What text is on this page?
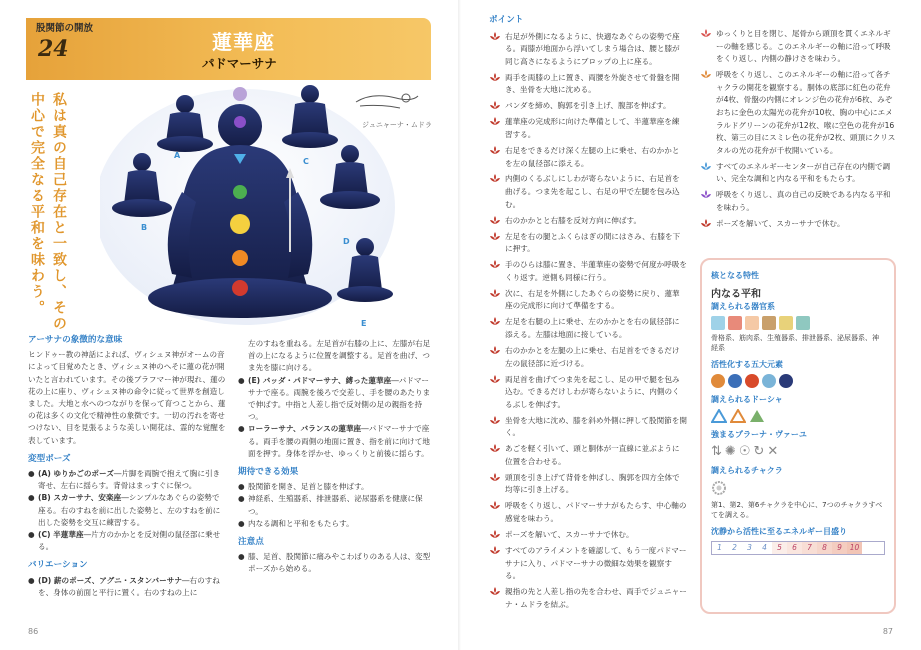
股関節の開放
24	蓮華座
パドマーサナ
私は真の自己存在と一致し、その中心で完全なる平和を味わう。	ジュニャーナ・ムドラ
A
B
C
D
E
アーサナの象徴的な意味
ヒンドゥー教の神話によれば、ヴィシュヌ神がオームの音によって目覚めたとき、ヴィシュヌ神のへそに蓮の花が開いたと言われています。その後ブラフマー神が現れ、蓮の花の上に座り、ヴィシュヌ神の命令に従って世界を創造しました。大地と水へのつながりを保って育つことから、蓮の花は多くの文化で精神性の象徴です。一切の汚れを寄せつけない、目を見張るような美しい開花は、霊的な覚醒を表しています。
変型ポーズ
● (A) ゆりかごのポーズ―片脚を両腕で抱えて胸に引き寄せ、左右に揺らす。背骨はまっすぐに保つ。
● (B) スカーサナ、安楽座―シンプルなあぐらの姿勢で座る。右のすねを前に出した姿勢と、左のすねを前に出した姿勢を交互に練習する。
● (C) 半蓮華座―片方のかかとを反対側の鼠径部に乗せる。
バリエーション
● (D) 薪のポーズ、アグニ・スタンバーサナ―右のすねを、身体の前面と平行に置く。右のすねの上に
左のすねを重ねる。左足首が右膝の上に、左膝が右足首の上になるように位置を調整する。足首を曲げ、つま先を膝に向ける。
● (E) バッダ・パドマーサナ、縛った蓮華座―パドマーサナで座る。両腕を後ろで交差し、手を腰のあたりまで伸ばす。中指と人差し指で反対側の足の親指を持つ。
● ローラーサナ、バランスの蓮華座―パドマーサナで座る。両手を腰の両側の地面に置き、指を前に向けて地面を押す。身体を浮かせ、ゆっくりと前後に揺らす。
期待できる効果
● 股関節を開き、足首と膝を伸ばす。
● 神経系、生殖器系、排泄器系、泌尿器系を健康に保つ。
● 内なる調和と平和をもたらす。
注意点
● 膝、足首、股関節に痛みやこわばりのある人は、変型ポーズから始める。
86
ポイント
右足が外側になるように、快適なあぐらの姿勢で座る。両膝が地面から浮いてしまう場合は、腰と膝が同じ高さになるようにブロップの上に座る。
両手を両膝の上に置き、両腰を外旋させて骨盤を開き、坐骨を大地に沈める。
バンダを締め、胸郭を引き上げ、腹部を伸ばす。
蓮華座の完成形に向けた準備として、半蓮華座を練習する。
右足をできるだけ深く左腿の上に乗せ、右のかかとを左の鼠径部に添える。
内側のくるぶしにしわが寄らないように、右足首を曲げる。つま先を起こし、右足の甲で左腿を包み込む。
右のかかとと右膝を反対方向に伸ばす。
左足を右の腿とふくらはぎの間にはさみ、右膝を下に押す。
手のひらは膝に置き、半蓮華座の姿勢で何度か呼吸をくり返す。逆側も同様に行う。
次に、右足を外側にしたあぐらの姿勢に戻り、蓮華座の完成形に向けて準備をする。
左足を右腿の上に乗せ、左のかかとを右の鼠径部に添える。左膝は地面に接している。
右のかかとを左腿の上に乗せ、右足首をできるだけ左の鼠径部に近づける。
両足首を曲げてつま先を起こし、足の甲で腿を包み込む。できるだけしわが寄らないように、内側のくるぶしを伸ばす。
坐骨を大地に沈め、膝を斜め外側に押して股関節を開く。
あごを軽く引いて、頭と胴体が一直線に並ぶように位置を合わせる。
頭頂を引き上げて背骨を伸ばし、胸郭を四方全体で均等に引き上げる。
呼吸をくり返し、パドマーサナがもたらす、中心軸の感覚を味わう。
ポーズを解いて、スカーサナで休む。
すべてのアライメントを確認して、もう一度パドマーサナに入り、パドマーサナの微細な効果を観察する。
親指の先と人差し指の先を合わせ、両手でジュニャーナ・ムドラを結ぶ。
ゆっくりと目を閉じ、尾骨から頭頂を貫くエネルギーの軸を感じる。このエネルギーの軸に沿って呼吸をくり返し、内側の静けさを味わう。
呼吸をくり返し、このエネルギーの軸に沿って各チャクラの開花を観察する。胴体の底部に紅色の花弁が4枚、骨盤の内側にオレンジ色の花弁が6枚、みぞおちに金色の太陽光の花弁が10枚、胸の中心にエメラルドグリーンの花弁が12枚、喉に空色の花弁が16枚、第三の目にスミレ色の花弁が2枚、頭頂にクリスタルの光の花弁が千枚開いている。
すべてのエネルギーセンターが自己存在の内側で調い、完全な調和と内なる平和をもたらす。
呼吸をくり返し、真の自己の反映である内なる平和を味わう。
ポーズを解いて、スカーサナで休む。
核となる特性
内なる平和
調えられる器官系
骨格系、筋肉系、生殖器系、排泄器系、泌尿器系、神経系
活性化する五大元素
調えられるドーシャ
強まるプラーナ・ヴァーユ
⇅ ✺ ☉ ↻ ✕
調えられるチャクラ
第1、第2、第6チャクラを中心に、7つのチャクラすべてを調える。
沈静から活性に至るエネルギー目盛り
1	2	3	4	5	6	7	8	9	10
87
